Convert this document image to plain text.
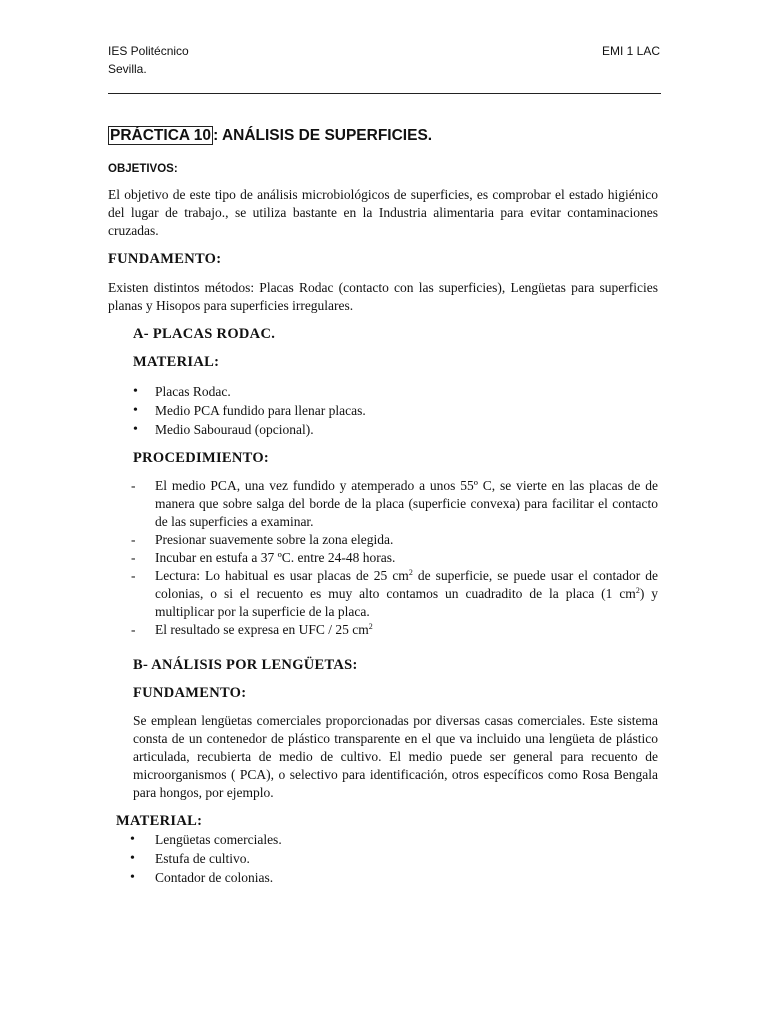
IES Politécnico
Sevilla.
EMI 1 LAC
PRÁCTICA 10 : ANÁLISIS DE SUPERFICIES.
OBJETIVOS:
El objetivo de este tipo de análisis microbiológicos de superficies, es comprobar el estado higiénico del lugar de trabajo., se utiliza bastante en la Industria alimentaria para evitar contaminaciones cruzadas.
FUNDAMENTO:
Existen distintos métodos: Placas Rodac (contacto con las superficies), Lengüetas para superficies planas y Hisopos para superficies irregulares.
A- PLACAS RODAC.
MATERIAL:
• Placas Rodac.
• Medio PCA fundido para llenar placas.
• Medio Sabouraud (opcional).
PROCEDIMIENTO:
- El medio PCA, una vez fundido y atemperado a unos 55º C, se vierte en las placas de de manera que sobre salga del borde de la placa (superficie convexa) para facilitar el contacto de las superficies a examinar.
- Presionar suavemente sobre la zona elegida.
- Incubar en estufa a 37 ºC. entre 24-48 horas.
- Lectura: Lo habitual es usar placas de 25 $cm^2$ de superficie, se puede usar el contador de colonias, o si el recuento es muy alto contamos un cuadradito de la placa (1 $cm^2$) y multiplicar por la superficie de la placa.
- El resultado se expresa en UFC / 25 $cm^2$
B- ANÁLISIS POR LENGÜETAS:
FUNDAMENTO:
Se emplean lengüetas comerciales proporcionadas por diversas casas comerciales. Este sistema consta de un contenedor de plástico transparente en el que va incluido una lengüeta de plástico articulada, recubierta de medio de cultivo. El medio puede ser general para recuento de microorganismos ( PCA), o selectivo para identificación, otros específicos como Rosa Bengala para hongos, por ejemplo.
MATERIAL:
• Lengüetas comerciales.
• Estufa de cultivo.
• Contador de colonias.
